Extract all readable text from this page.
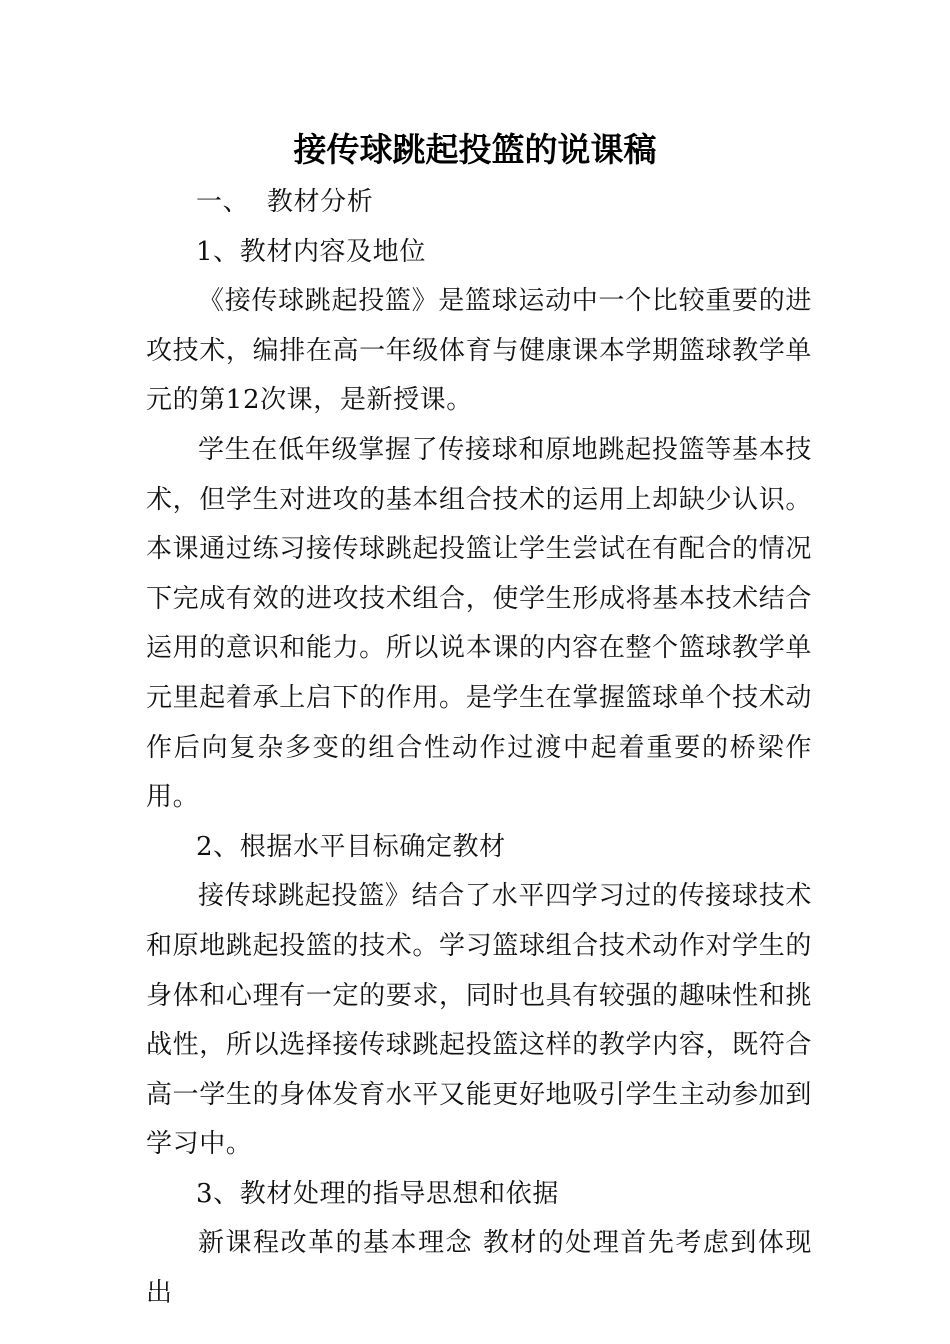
接传球跳起投篮的说课稿

一、  教材分析

1、教材内容及地位

《接传球跳起投篮》是篮球运动中一个比较重要的进攻技术，编排在高一年级体育与健康课本学期篮球教学单元的第12次课，是新授课。

学生在低年级掌握了传接球和原地跳起投篮等基本技术，但学生对进攻的基本组合技术的运用上却缺少认识。本课通过练习接传球跳起投篮让学生尝试在有配合的情况下完成有效的进攻技术组合，使学生形成将基本技术结合运用的意识和能力。所以说本课的内容在整个篮球教学单元里起着承上启下的作用。是学生在掌握篮球单个技术动作后向复杂多变的组合性动作过渡中起着重要的桥梁作用。

2、根据水平目标确定教材

接传球跳起投篮》结合了水平四学习过的传接球技术和原地跳起投篮的技术。学习篮球组合技术动作对学生的身体和心理有一定的要求，同时也具有较强的趣味性和挑战性，所以选择接传球跳起投篮这样的教学内容，既符合高一学生的身体发育水平又能更好地吸引学生主动参加到学习中。

3、教材处理的指导思想和依据

新课程改革的基本理念 教材的处理首先考虑到体现出
